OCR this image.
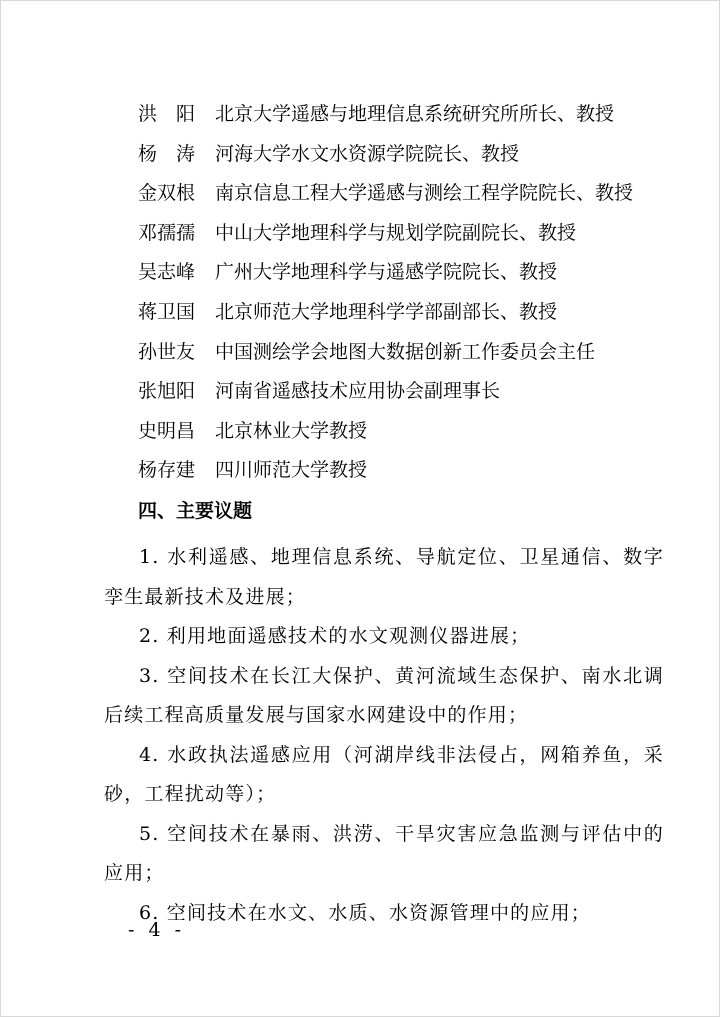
洪　阳	北京大学遥感与地理信息系统研究所所长、教授
杨　涛	河海大学水文水资源学院院长、教授
金双根	南京信息工程大学遥感与测绘工程学院院长、教授
邓孺孺	中山大学地理科学与规划学院副院长、教授
吴志峰	广州大学地理科学与遥感学院院长、教授
蒋卫国	北京师范大学地理科学学部副部长、教授
孙世友	中国测绘学会地图大数据创新工作委员会主任
张旭阳	河南省遥感技术应用协会副理事长
史明昌	北京林业大学教授
杨存建	四川师范大学教授
四、主要议题
1. 水利遥感、地理信息系统、导航定位、卫星通信、数字孪生最新技术及进展；
2. 利用地面遥感技术的水文观测仪器进展；
3. 空间技术在长江大保护、黄河流域生态保护、南水北调后续工程高质量发展与国家水网建设中的作用；
4. 水政执法遥感应用（河湖岸线非法侵占，网箱养鱼，采砂，工程扰动等）；
5. 空间技术在暴雨、洪涝、干旱灾害应急监测与评估中的应用；
6. 空间技术在水文、水质、水资源管理中的应用；
- 4 -
